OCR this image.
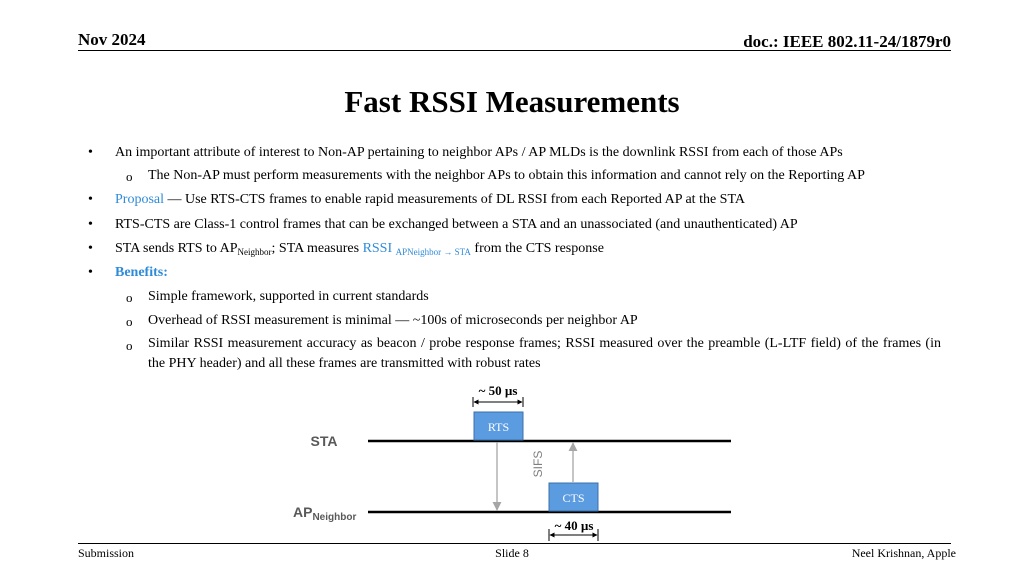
Nov 2024	doc.: IEEE 802.11-24/1879r0
Fast RSSI Measurements
• An important attribute of interest to Non-AP pertaining to neighbor APs / AP MLDs is the downlink RSSI from each of those APs
o The Non-AP must perform measurements with the neighbor APs to obtain this information and cannot rely on the Reporting AP
• Proposal — Use RTS-CTS frames to enable rapid measurements of DL RSSI from each Reported AP at the STA
• RTS-CTS are Class-1 control frames that can be exchanged between a STA and an unassociated (and unauthenticated) AP
• STA sends RTS to $AP_{Neighbor}$; STA measures RSSI $_{APNeighbor \to STA}$ from the CTS response
• Benefits:
o Simple framework, supported in current standards
o Overhead of RSSI measurement is minimal — ~100s of microseconds per neighbor AP
o Similar RSSI measurement accuracy as beacon / probe response frames; RSSI measured over the preamble (L-LTF field) of the frames (in the PHY header) and all these frames are transmitted with robust rates
~ 50 µs
STA
RTS
SIFS
$AP_{Neighbor}$
CTS
~ 40 µs
Submission	Slide 8	Neel Krishnan, Apple
